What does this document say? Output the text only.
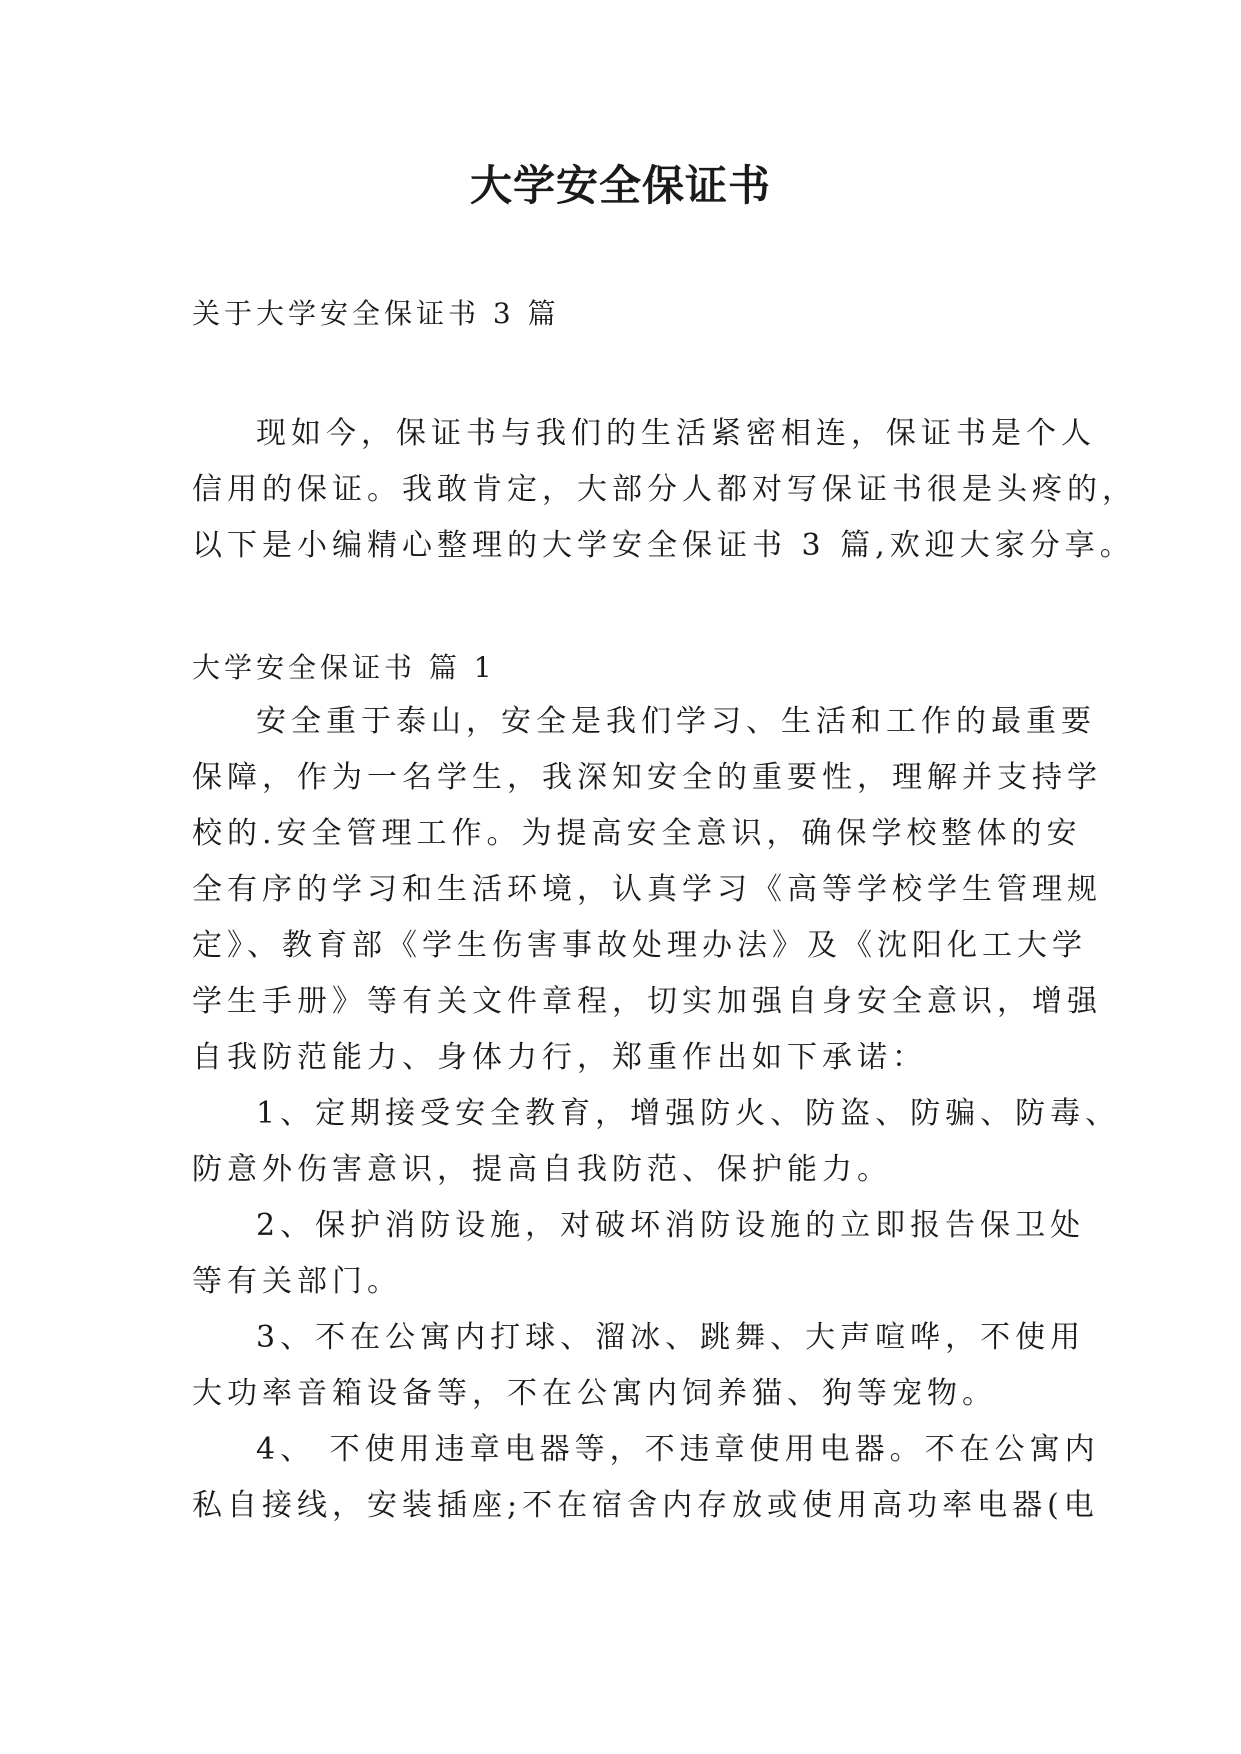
大学安全保证书
关于大学安全保证书 3 篇
现如今，保证书与我们的生活紧密相连，保证书是个人
信用的保证。我敢肯定，大部分人都对写保证书很是头疼的，
以下是小编精心整理的大学安全保证书 3 篇,欢迎大家分享。
大学安全保证书 篇 1
安全重于泰山，安全是我们学习、生活和工作的最重要
保障，作为一名学生，我深知安全的重要性，理解并支持学
校的.安全管理工作。为提高安全意识，确保学校整体的安
全有序的学习和生活环境，认真学习《高等学校学生管理规
定》、教育部《学生伤害事故处理办法》及《沈阳化工大学
学生手册》等有关文件章程，切实加强自身安全意识，增强
自我防范能力、身体力行，郑重作出如下承诺：
1、定期接受安全教育，增强防火、防盗、防骗、防毒、
防意外伤害意识，提高自我防范、保护能力。
2、保护消防设施，对破坏消防设施的立即报告保卫处
等有关部门。
3、不在公寓内打球、溜冰、跳舞、大声喧哗，不使用
大功率音箱设备等，不在公寓内饲养猫、狗等宠物。
4、 不使用违章电器等，不违章使用电器。不在公寓内
私自接线，安装插座;不在宿舍内存放或使用高功率电器(电
